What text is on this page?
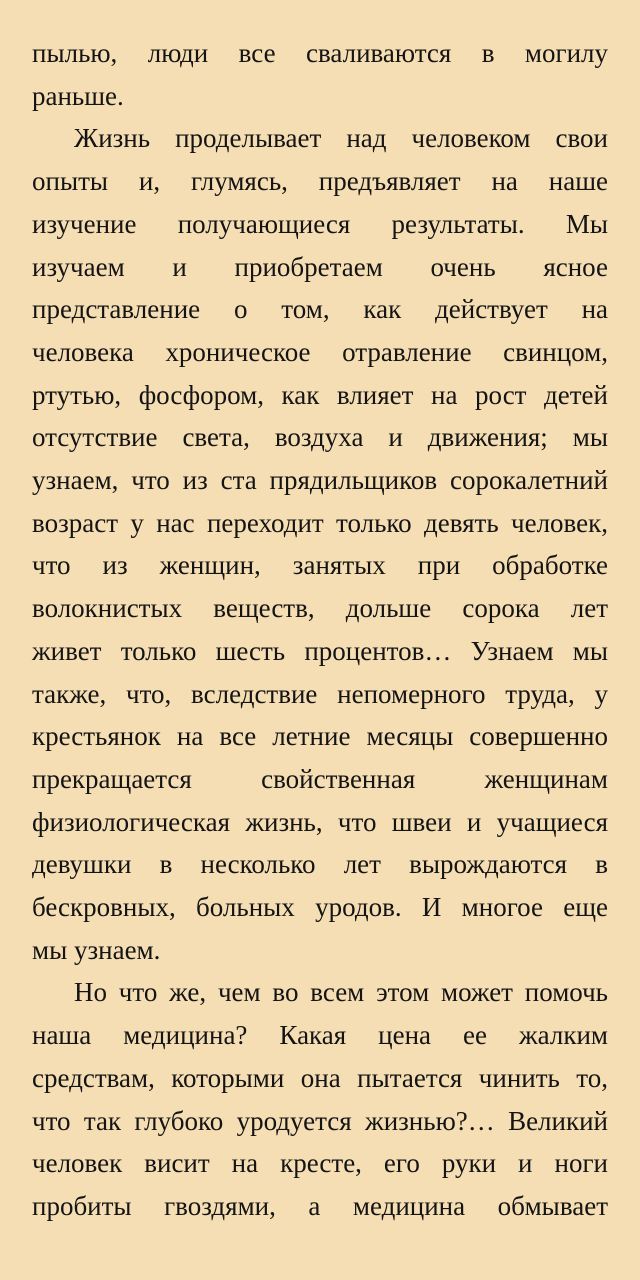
пылью, люди все сваливаются в могилу
раньше.
Жизнь проделывает над человеком свои
опыты и, глумясь, предъявляет на наше
изучение получающиеся результаты. Мы
изучаем и приобретаем очень ясное
представление о том, как действует на
человека хроническое отравление свинцом,
ртутью, фосфором, как влияет на рост детей
отсутствие света, воздуха и движения; мы
узнаем, что из ста прядильщиков сорокалетний
возраст у нас переходит только девять человек,
что из женщин, занятых при обработке
волокнистых веществ, дольше сорока лет
живет только шесть процентов… Узнаем мы
также, что, вследствие непомерного труда, у
крестьянок на все летние месяцы совершенно
прекращается свойственная женщинам
физиологическая жизнь, что швеи и учащиеся
девушки в несколько лет вырождаются в
бескровных, больных уродов. И многое еще
мы узнаем.
Но что же, чем во всем этом может помочь
наша медицина? Какая цена ее жалким
средствам, которыми она пытается чинить то,
что так глубоко уродуется жизнью?… Великий
человек висит на кресте, его руки и ноги
пробиты гвоздями, а медицина обмывает
